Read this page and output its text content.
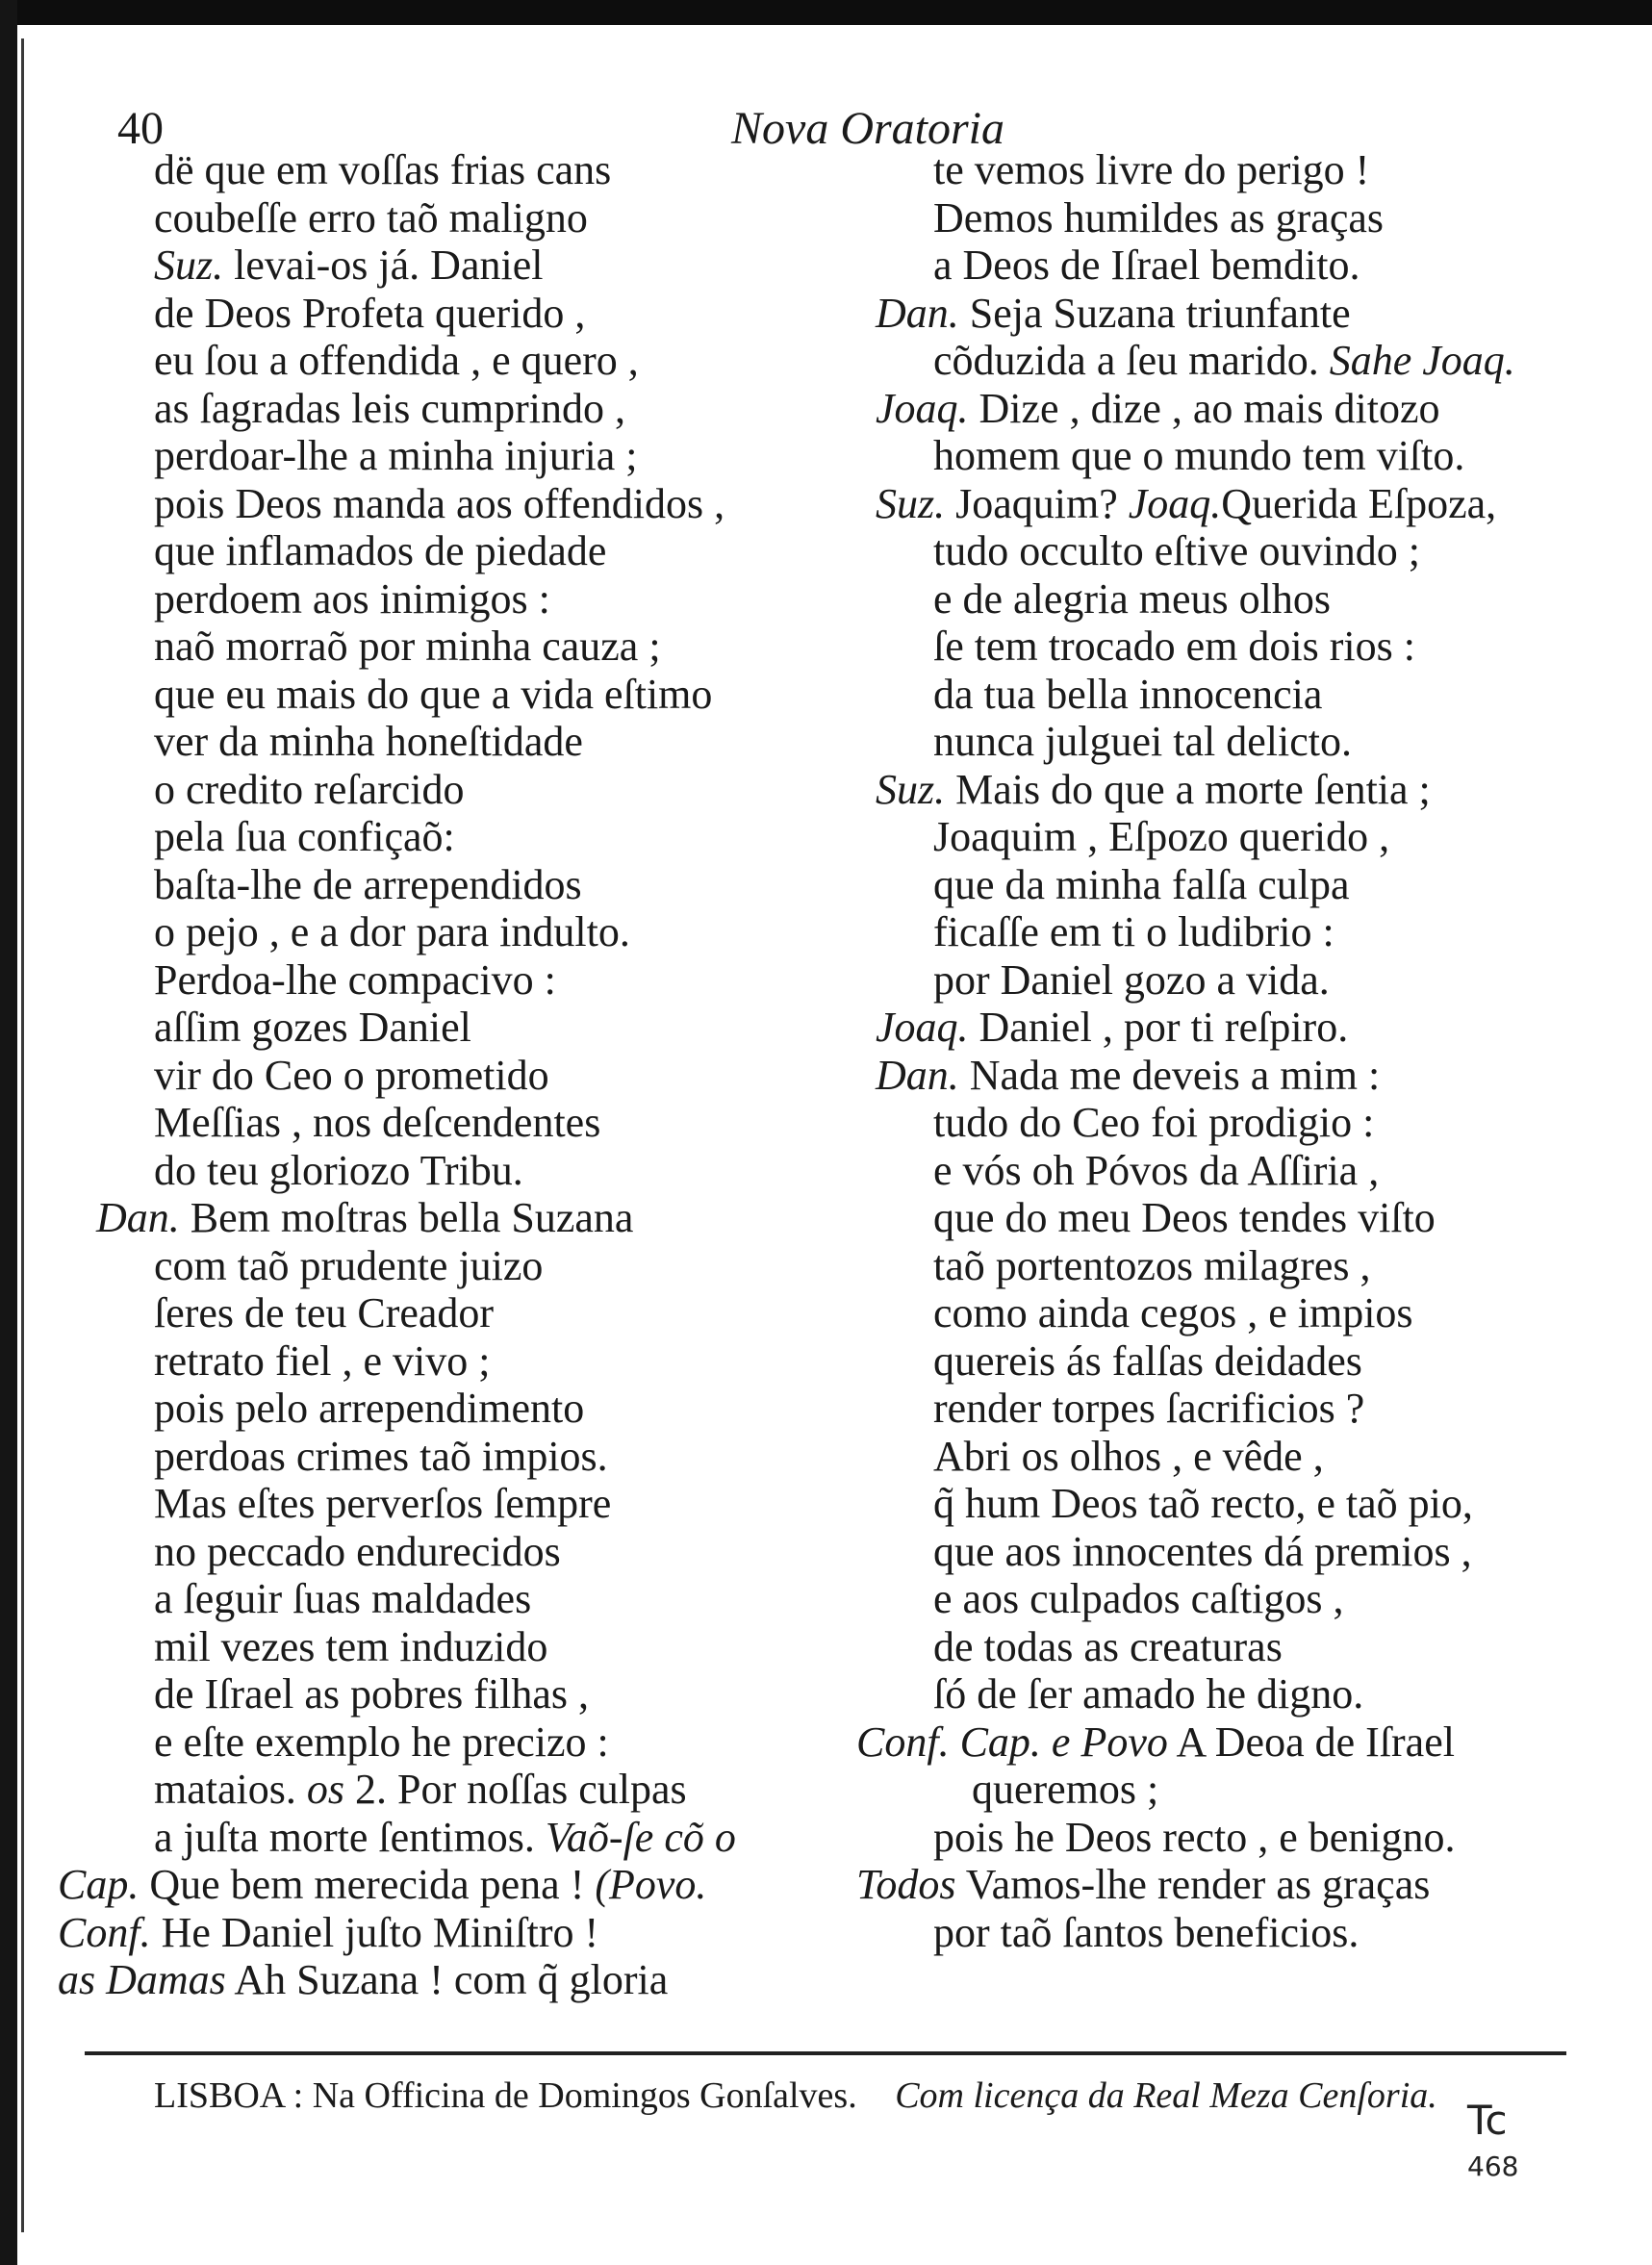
40	Nova Oratoria
dë que em voſſas frias cans
coubeſſe erro taõ maligno
Suz. levai-os já. Daniel
de Deos Profeta querido ,
eu ſou a offendida , e quero ,
as ſagradas leis cumprindo ,
perdoar-lhe a minha injuria ;
pois Deos manda aos offendidos ,
que inflamados de piedade
perdoem aos inimigos :
naõ morraõ por minha cauza ;
que eu mais do que a vida eſtimo
ver da minha honeſtidade
o credito reſarcido
pela ſua confiçaõ:
baſta-lhe de arrependidos
o pejo , e a dor para indulto.
Perdoa-lhe compacivo :
aſſim gozes Daniel
vir do Ceo o prometido
Meſſias , nos deſcendentes
do teu gloriozo Tribu.
Dan. Bem moſtras bella Suzana
com taõ prudente juizo
ſeres de teu Creador
retrato fiel , e vivo ;
pois pelo arrependimento
perdoas crimes taõ impios.
Mas eſtes perverſos ſempre
no peccado endurecidos
a ſeguir ſuas maldades
mil vezes tem induzido
de Iſrael as pobres filhas ,
e eſte exemplo he precizo :
mataios. os 2. Por noſſas culpas
a juſta morte ſentimos. Vaõ-ſe cõ o
Cap. Que bem merecida pena ! (Povo.
Conf. He Daniel juſto Miniſtro !
as Damas Ah Suzana ! com q̃ gloria
te vemos livre do perigo !
Demos humildes as graças
a Deos de Iſrael bemdito.
Dan. Seja Suzana triunfante
cõduzida a ſeu marido. Sahe Joaq.
Joaq. Dize , dize , ao mais ditozo
homem que o mundo tem viſto.
Suz. Joaquim? Joaq.Querida Eſpoza,
tudo occulto eſtive ouvindo ;
e de alegria meus olhos
ſe tem trocado em dois rios :
da tua bella innocencia
nunca julguei tal delicto.
Suz. Mais do que a morte ſentia ;
Joaquim , Eſpozo querido ,
que da minha falſa culpa
ficaſſe em ti o ludibrio :
por Daniel gozo a vida.
Joaq. Daniel , por ti reſpiro.
Dan. Nada me deveis a mim :
tudo do Ceo foi prodigio :
e vós oh Póvos da Aſſiria ,
que do meu Deos tendes viſto
taõ portentozos milagres ,
como ainda cegos , e impios
quereis ás falſas deidades
render torpes ſacrificios ?
Abri os olhos , e vêde ,
q̃ hum Deos taõ recto, e taõ pio,
que aos innocentes dá premios ,
e aos culpados caſtigos ,
de todas as creaturas
ſó de ſer amado he digno.
Conf. Cap. e Povo A Deoa de Iſrael
queremos ;
pois he Deos recto , e benigno.
Todos Vamos-lhe render as graças
por taõ ſantos beneficios.
LISBOA : Na Officina de Domingos Gonſalves. Com licença da Real Meza Cenſoria.
Tc
468
